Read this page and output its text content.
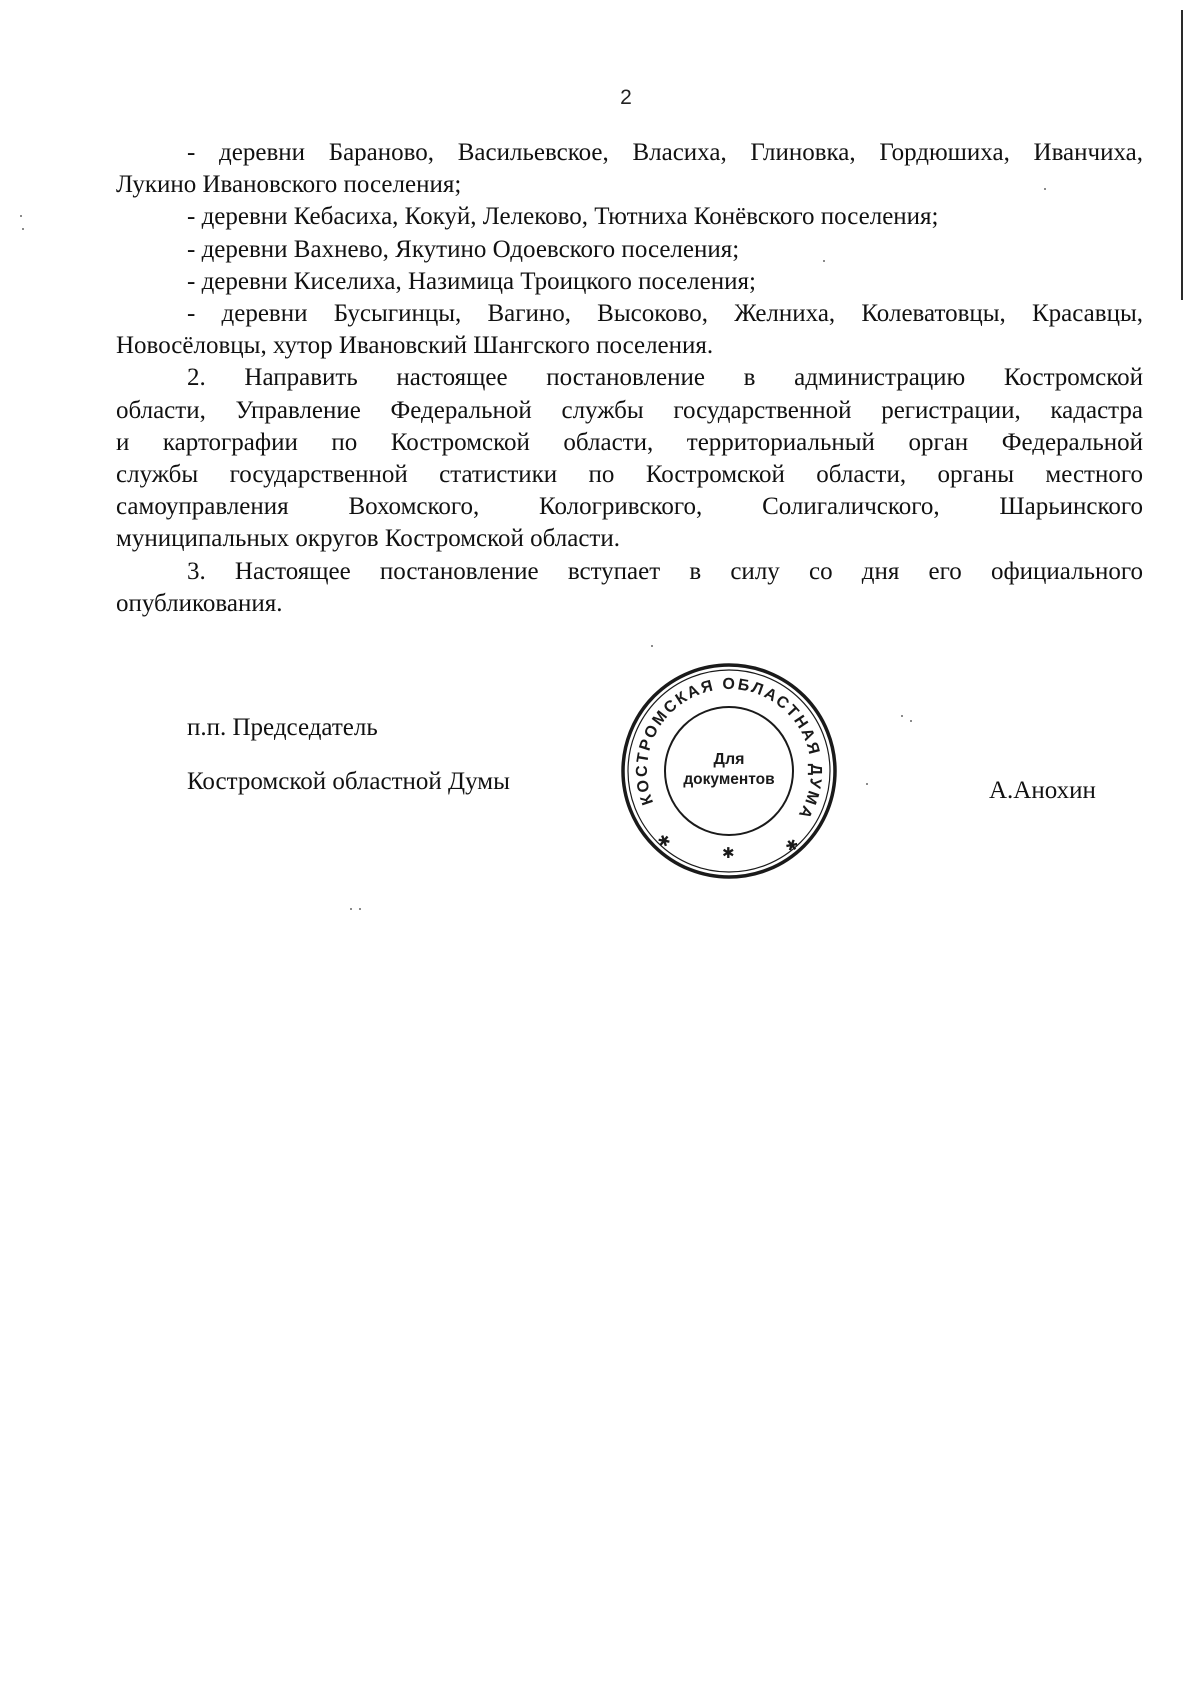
2

- деревни Бараново, Васильевское, Власиха, Глиновка, Гордюшиха, Иванчиха,

Лукино Ивановского поселения;

- деревни Кебасиха, Кокуй, Лелеково, Тютниха Конёвского поселения;

- деревни Вахнево, Якутино Одоевского поселения;

- деревни Киселиха, Назимица Троицкого поселения;

- деревни Бусыгинцы, Вагино, Высоково, Желниха, Колеватовцы, Красавцы,

Новосёловцы, хутор Ивановский Шангского поселения.

2. Направить настоящее постановление в администрацию Костромской

области, Управление Федеральной службы государственной регистрации, кадастра

и картографии по Костромской области, территориальный орган Федеральной

службы государственной статистики по Костромской области, органы местного

самоуправления Вохомского, Кологривского, Солигаличского, Шарьинского

муниципальных округов Костромской области.

3. Настоящее постановление вступает в силу со дня его официального

опубликования.

п.п. Председатель
Костромской областной Думы	А.Анохин
КОСТРОМСКАЯ ОБЛАСТНАЯ ДУМА
✱
✱	✱
Для
документов
